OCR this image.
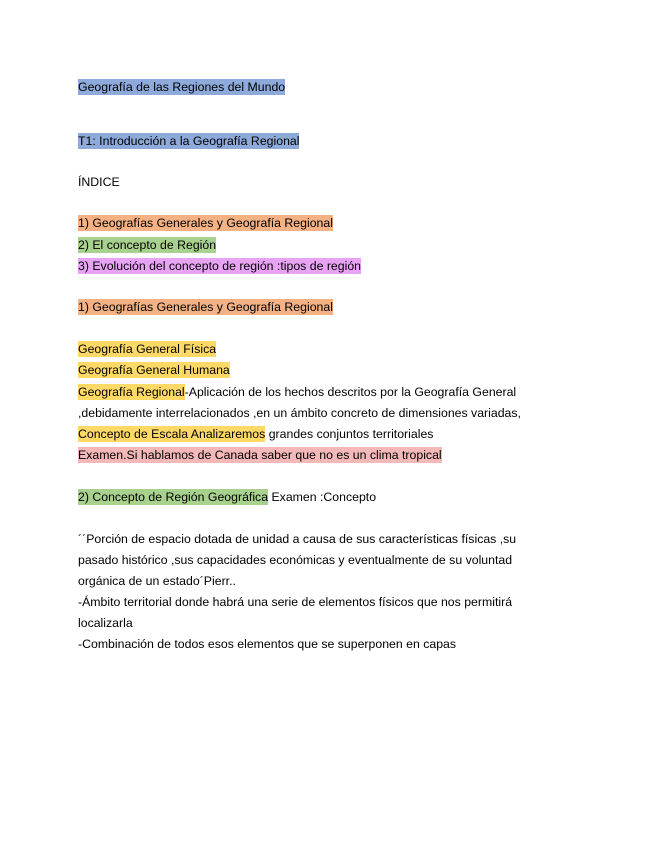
Geografía de las Regiones del Mundo
T1: Introducción a la Geografía Regional
ÍNDICE
1) Geografías Generales y Geografía Regional
2) El concepto de Región
3) Evolución del concepto de región :tipos de región
1) Geografías Generales y Geografía Regional
Geografía General Física
Geografía General Humana
Geografía Regional-Aplicación de los hechos descritos por la Geografía General
,debidamente interrelacionados ,en un ámbito concreto de dimensiones variadas,
Concepto de Escala Analizaremos grandes conjuntos territoriales
Examen.Si hablamos de Canada saber que no es un clima tropical
2) Concepto de Región Geográfica Examen :Concepto
´´Porción de espacio dotada de unidad a causa de sus características físicas ,su
pasado histórico ,sus capacidades económicas y eventualmente de su voluntad
orgánica de un estado´Pierr..
-Ámbito territorial donde habrá una serie de elementos físicos que nos permitirá
localizarla
-Combinación de todos esos elementos que se superponen en capas
